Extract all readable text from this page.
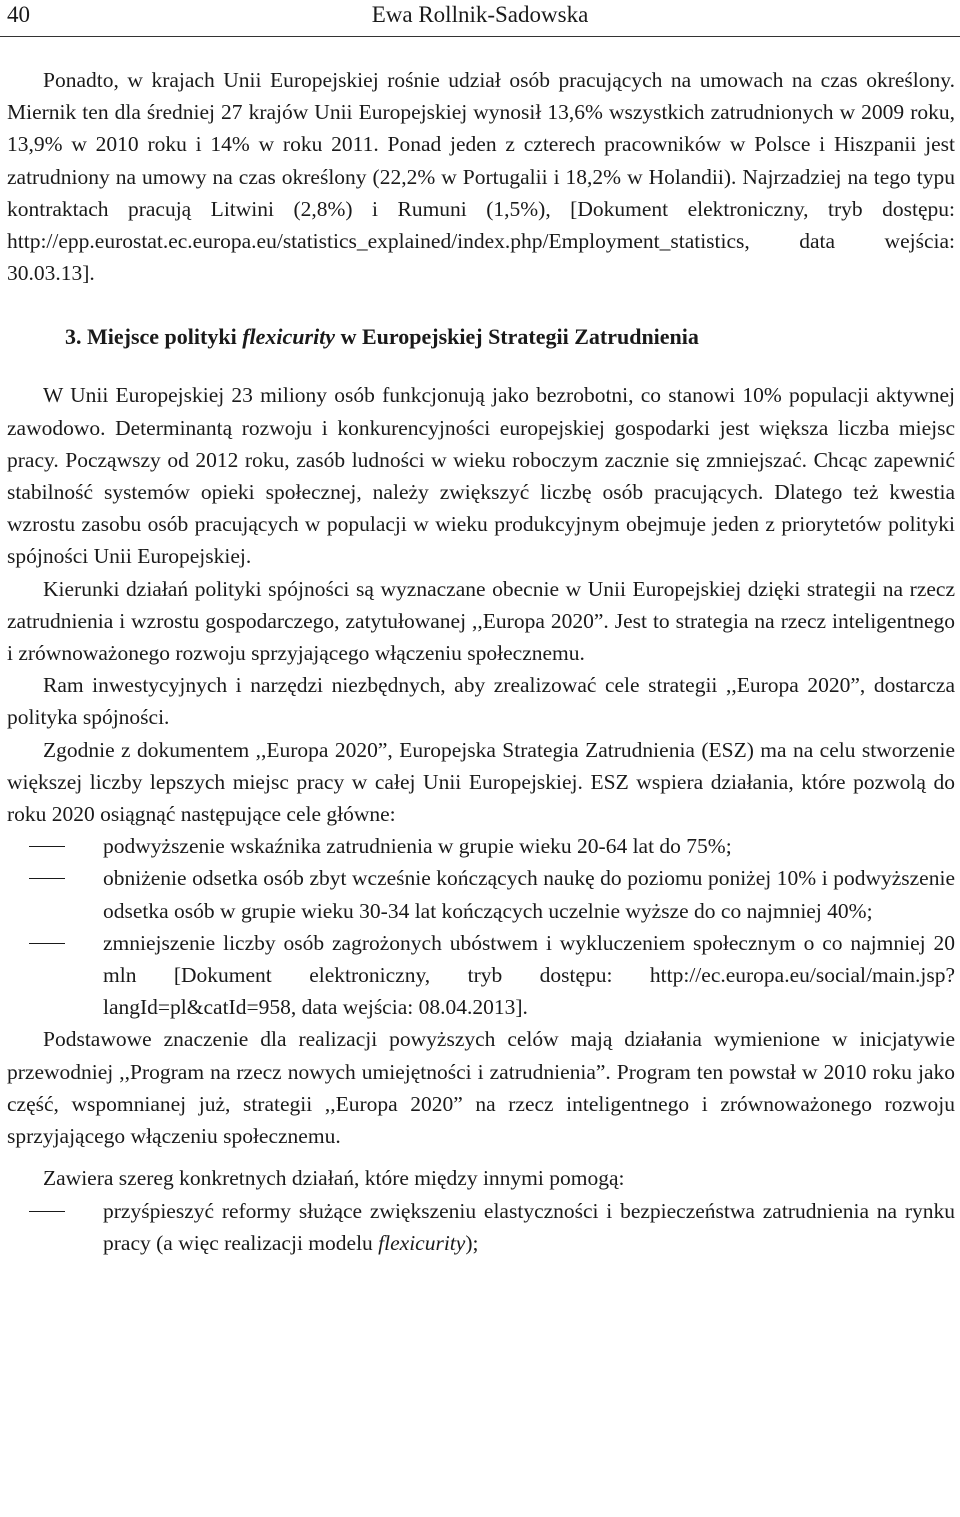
40	Ewa Rollnik-Sadowska

Ponadto, w krajach Unii Europejskiej rośnie udział osób pracujących na umowach na czas określony. Miernik ten dla średniej 27 krajów Unii Europejskiej wynosił 13,6% wszystkich zatrudnionych w 2009 roku, 13,9% w 2010 roku i 14% w roku 2011. Ponad jeden z czterech pracowników w Polsce i Hiszpanii jest zatrudniony na umowy na czas określony (22,2% w Portugalii i 18,2% w Holandii). Najrzadziej na tego typu kontraktach pracują Litwini (2,8%) i Rumuni (1,5%), [Dokument elektroniczny, tryb dostępu: http://epp.eurostat.ec.europa.eu/statistics_explained/index.php/Employment_statistics, data wejścia: 30.03.13].

3. Miejsce polityki flexicurity w Europejskiej Strategii Zatrudnienia

W Unii Europejskiej 23 miliony osób funkcjonują jako bezrobotni, co stanowi 10% populacji aktywnej zawodowo. Determinantą rozwoju i konkurencyjności europejskiej gospodarki jest większa liczba miejsc pracy. Począwszy od 2012 roku, zasób ludności w wieku roboczym zacznie się zmniejszać. Chcąc zapewnić stabilność systemów opieki społecznej, należy zwiększyć liczbę osób pracujących. Dlatego też kwestia wzrostu zasobu osób pracujących w populacji w wieku produkcyjnym obejmuje jeden z priorytetów polityki spójności Unii Europejskiej.

Kierunki działań polityki spójności są wyznaczane obecnie w Unii Europejskiej dzięki strategii na rzecz zatrudnienia i wzrostu gospodarczego, zatytułowanej ,,Europa 2020”. Jest to strategia na rzecz inteligentnego i zrównoważonego rozwoju sprzyjającego włączeniu społecznemu.

Ram inwestycyjnych i narzędzi niezbędnych, aby zrealizować cele strategii ,,Europa 2020”, dostarcza polityka spójności.

Zgodnie z dokumentem ,,Europa 2020”, Europejska Strategia Zatrudnienia (ESZ) ma na celu stworzenie większej liczby lepszych miejsc pracy w całej Unii Europejskiej. ESZ wspiera działania, które pozwolą do roku 2020 osiągnąć następujące cele główne:

podwyższenie wskaźnika zatrudnienia w grupie wieku 20-64 lat do 75%;
obniżenie odsetka osób zbyt wcześnie kończących naukę do poziomu poniżej 10% i podwyższenie odsetka osób w grupie wieku 30-34 lat kończących uczelnie wyższe do co najmniej 40%;
zmniejszenie liczby osób zagrożonych ubóstwem i wykluczeniem społecznym o co najmniej 20 mln [Dokument elektroniczny, tryb dostępu: http://ec.europa.eu/social/main.jsp?langId=pl&catId=958, data wejścia: 08.04.2013].

Podstawowe znaczenie dla realizacji powyższych celów mają działania wymienione w inicjatywie przewodniej ,,Program na rzecz nowych umiejętności i zatrudnienia”. Program ten powstał w 2010 roku jako część, wspomnianej już, strategii ,,Europa 2020” na rzecz inteligentnego i zrównoważonego rozwoju sprzyjającego włączeniu społecznemu.

Zawiera szereg konkretnych działań, które między innymi pomogą:

przyśpieszyć reformy służące zwiększeniu elastyczności i bezpieczeństwa zatrudnienia na rynku pracy (a więc realizacji modelu flexicurity);
